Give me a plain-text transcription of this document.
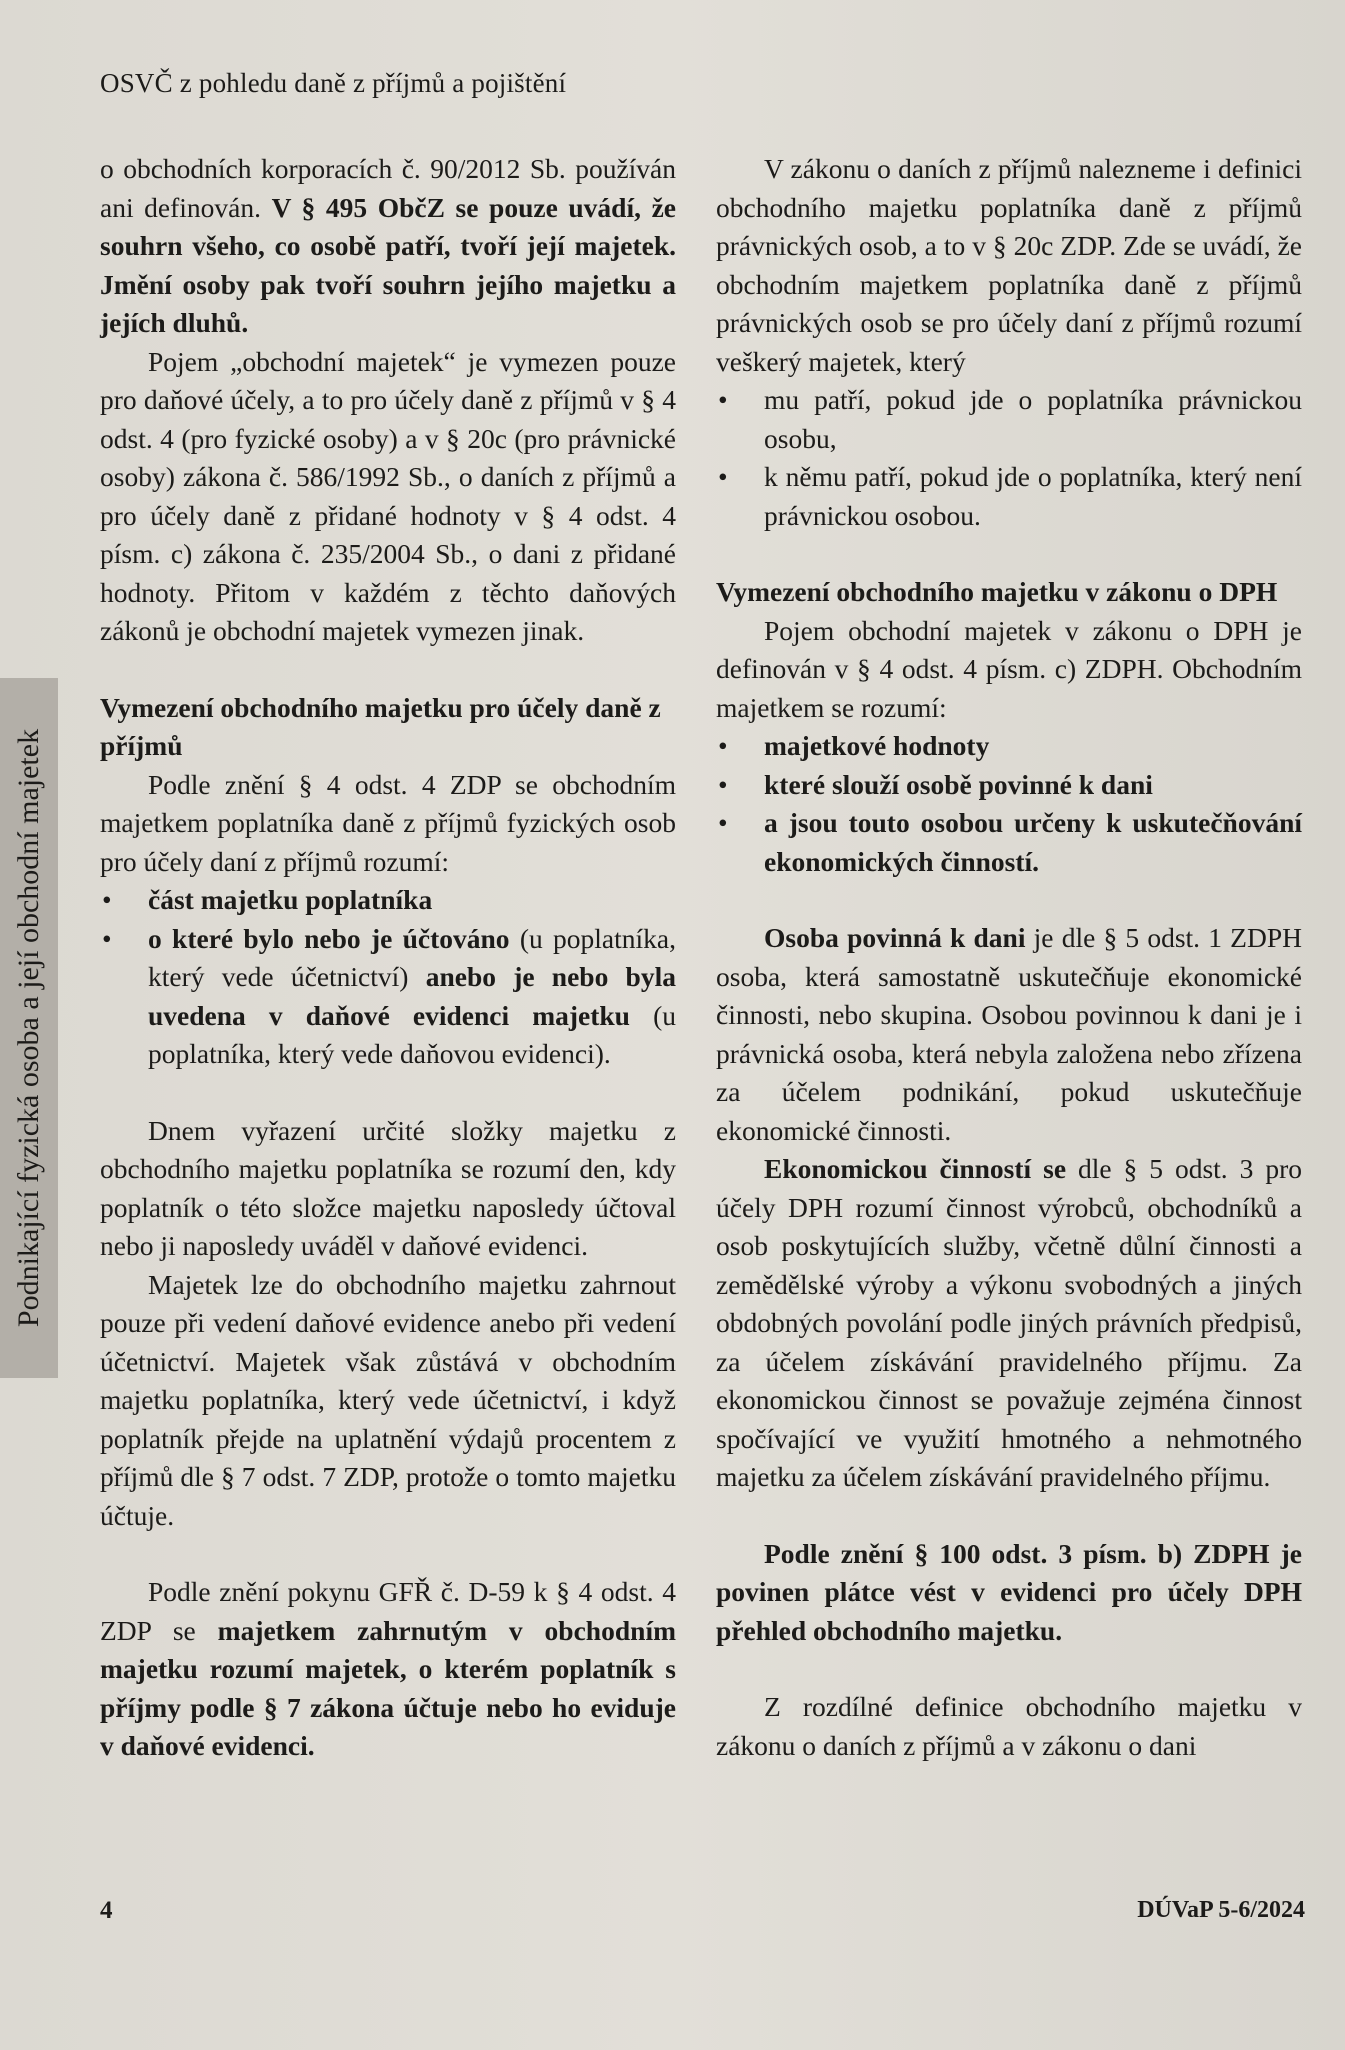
OSVČ z pohledu daně z příjmů a pojištění
Podnikající fyzická osoba a její obchodní majetek

o obchodních korporacích č. 90/2012 Sb. používán ani definován. V § 495 ObčZ se pouze uvádí, že souhrn všeho, co osobě patří, tvoří její majetek. Jmění osoby pak tvoří souhrn jejího majetku a jejích dluhů.

Pojem „obchodní majetek“ je vymezen pouze pro daňové účely, a to pro účely daně z příjmů v § 4 odst. 4 (pro fyzické osoby) a v § 20c (pro právnické osoby) zákona č. 586/1992 Sb., o daních z příjmů a pro účely daně z přidané hodnoty v § 4 odst. 4 písm. c) zákona č. 235/2004 Sb., o dani z přidané hodnoty. Přitom v každém z těchto daňových zákonů je obchodní majetek vymezen jinak.

Vymezení obchodního majetku pro účely daně z příjmů

Podle znění § 4 odst. 4 ZDP se obchodním majetkem poplatníka daně z příjmů fyzických osob pro účely daní z příjmů rozumí:

• část majetku poplatníka
• o které bylo nebo je účtováno (u poplatníka, který vede účetnictví) anebo je nebo byla uvedena v daňové evidenci majetku (u poplatníka, který vede daňovou evidenci).

Dnem vyřazení určité složky majetku z obchodního majetku poplatníka se rozumí den, kdy poplatník o této složce majetku naposledy účtoval nebo ji naposledy uváděl v daňové evidenci.

Majetek lze do obchodního majetku zahrnout pouze při vedení daňové evidence anebo při vedení účetnictví. Majetek však zůstává v obchodním majetku poplatníka, který vede účetnictví, i když poplatník přejde na uplatnění výdajů procentem z příjmů dle § 7 odst. 7 ZDP, protože o tomto majetku účtuje.

Podle znění pokynu GFŘ č. D-59 k § 4 odst. 4 ZDP se majetkem zahrnutým v obchodním majetku rozumí majetek, o kterém poplatník s příjmy podle § 7 zákona účtuje nebo ho eviduje v daňové evidenci.

V zákonu o daních z příjmů nalezneme i definici obchodního majetku poplatníka daně z příjmů právnických osob, a to v § 20c ZDP. Zde se uvádí, že obchodním majetkem poplatníka daně z příjmů právnických osob se pro účely daní z příjmů rozumí veškerý majetek, který

• mu patří, pokud jde o poplatníka právnickou osobu,
• k němu patří, pokud jde o poplatníka, který není právnickou osobou.
Vymezení obchodního majetku v zákonu o DPH

Pojem obchodní majetek v zákonu o DPH je definován v § 4 odst. 4 písm. c) ZDPH. Obchodním majetkem se rozumí:

• majetkové hodnoty
• které slouží osobě povinné k dani
• a jsou touto osobou určeny k uskutečňování ekonomických činností.

Osoba povinná k dani je dle § 5 odst. 1 ZDPH osoba, která samostatně uskutečňuje ekonomické činnosti, nebo skupina. Osobou povinnou k dani je i právnická osoba, která nebyla založena nebo zřízena za účelem podnikání, pokud uskutečňuje ekonomické činnosti.

Ekonomickou činností se dle § 5 odst. 3 pro účely DPH rozumí činnost výrobců, obchodníků a osob poskytujících služby, včetně důlní činnosti a zemědělské výroby a výkonu svobodných a jiných obdobných povolání podle jiných právních předpisů, za účelem získávání pravidelného příjmu. Za ekonomickou činnost se považuje zejména činnost spočívající ve využití hmotného a nehmotného majetku za účelem získávání pravidelného příjmu.

Podle znění § 100 odst. 3 písm. b) ZDPH je povinen plátce vést v evidenci pro účely DPH přehled obchodního majetku.

Z rozdílné definice obchodního majetku v zákonu o daních z příjmů a v zákonu o dani

4	DÚVaP 5-6/2024
